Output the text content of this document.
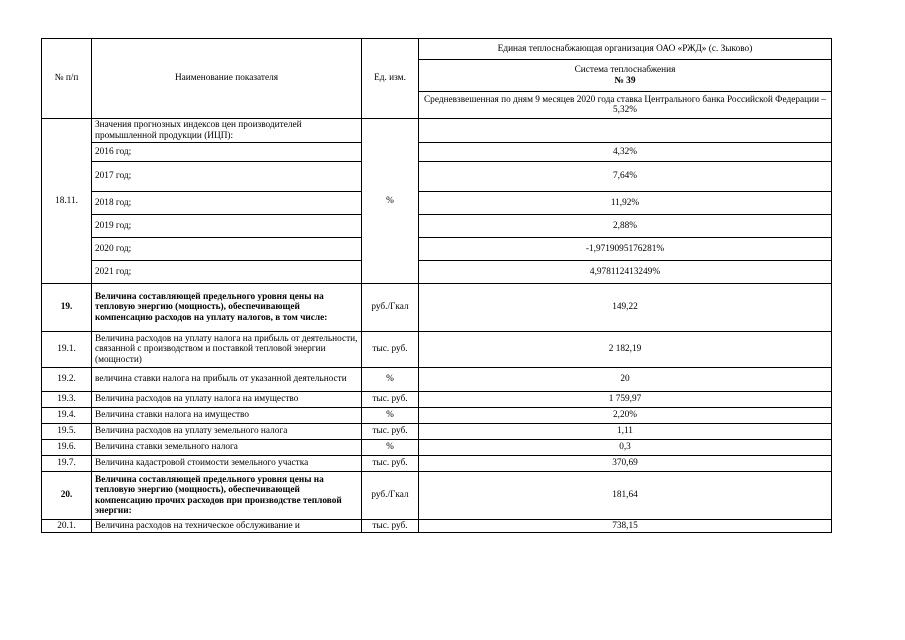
№ п/п	Наименование показателя	Ед. изм.	Единая теплоснабжающая организация ОАО «РЖД» (с. Зыково)

			Система теплоснабжения
№ 39

			Средневзвешенная по дням 9 месяцев 2020 года ставка Центрального банка Российской Федерации – 5,32%
18.11.	Значения прогнозных индексов цен производителей промышленной продукции (ИЦП):	%	
	2016 год;		4,32%
	2017 год;		7,64%
	2018 год;		11,92%
	2019 год;		2,88%
	2020 год;		-1,9719095176281%
	2021 год;		4,978112413249%
19.	Величина составляющей предельного уровня цены на тепловую энергию (мощность), обеспечивающей компенсацию расходов на уплату налогов, в том числе:	руб./Гкал	149,22
19.1.	Величина расходов на уплату налога на прибыль от деятельности, связанной с производством и поставкой тепловой энергии (мощности)	тыс. руб.	2 182,19
19.2.	величина ставки налога на прибыль от указанной деятельности	%	20
19.3.	Величина расходов на уплату налога на имущество	тыс. руб.	1 759,97
19.4.	Величина ставки налога на имущество	%	2,20%
19.5.	Величина расходов на уплату земельного налога	тыс. руб.	1,11
19.6.	Величина ставки земельного налога	%	0,3
19.7.	Величина кадастровой стоимости земельного участка	тыс. руб.	370,69
20.	Величина составляющей предельного уровня цены на тепловую энергию (мощность), обеспечивающей компенсацию прочих расходов при производстве тепловой энергии:	руб./Гкал	181,64
20.1.	Величина расходов на техническое обслуживание и	тыс. руб.	738,15
